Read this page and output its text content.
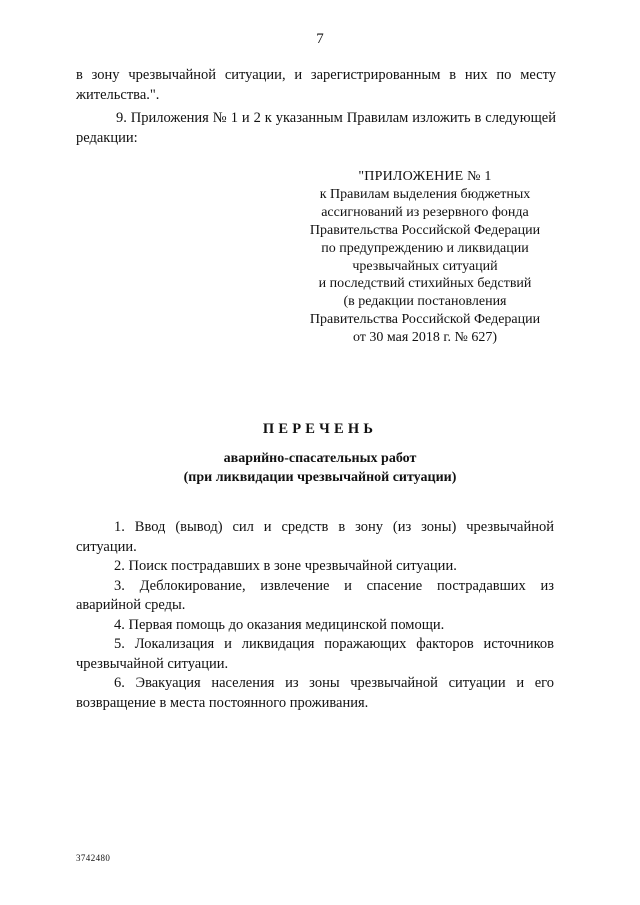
7

в зону чрезвычайной ситуации, и зарегистрированным в них по месту жительства.".

9. Приложения № 1 и 2 к указанным Правилам изложить в следующей редакции:

"ПРИЛОЖЕНИЕ № 1
к Правилам выделения бюджетных
ассигнований из резервного фонда
Правительства Российской Федерации
по предупреждению и ликвидации
чрезвычайных ситуаций
и последствий стихийных бедствий
(в редакции постановления
Правительства Российской Федерации
от 30 мая 2018 г. № 627)
ПЕРЕЧЕНЬ
аварийно-спасательных работ
(при ликвидации чрезвычайной ситуации)

1. Ввод (вывод) сил и средств в зону (из зоны) чрезвычайной ситуации.

2. Поиск пострадавших в зоне чрезвычайной ситуации.

3. Деблокирование, извлечение и спасение пострадавших из аварийной среды.

4. Первая помощь до оказания медицинской помощи.

5. Локализация и ликвидация поражающих факторов источников чрезвычайной ситуации.

6. Эвакуация населения из зоны чрезвычайной ситуации и его возвращение в места постоянного проживания.

3742480
